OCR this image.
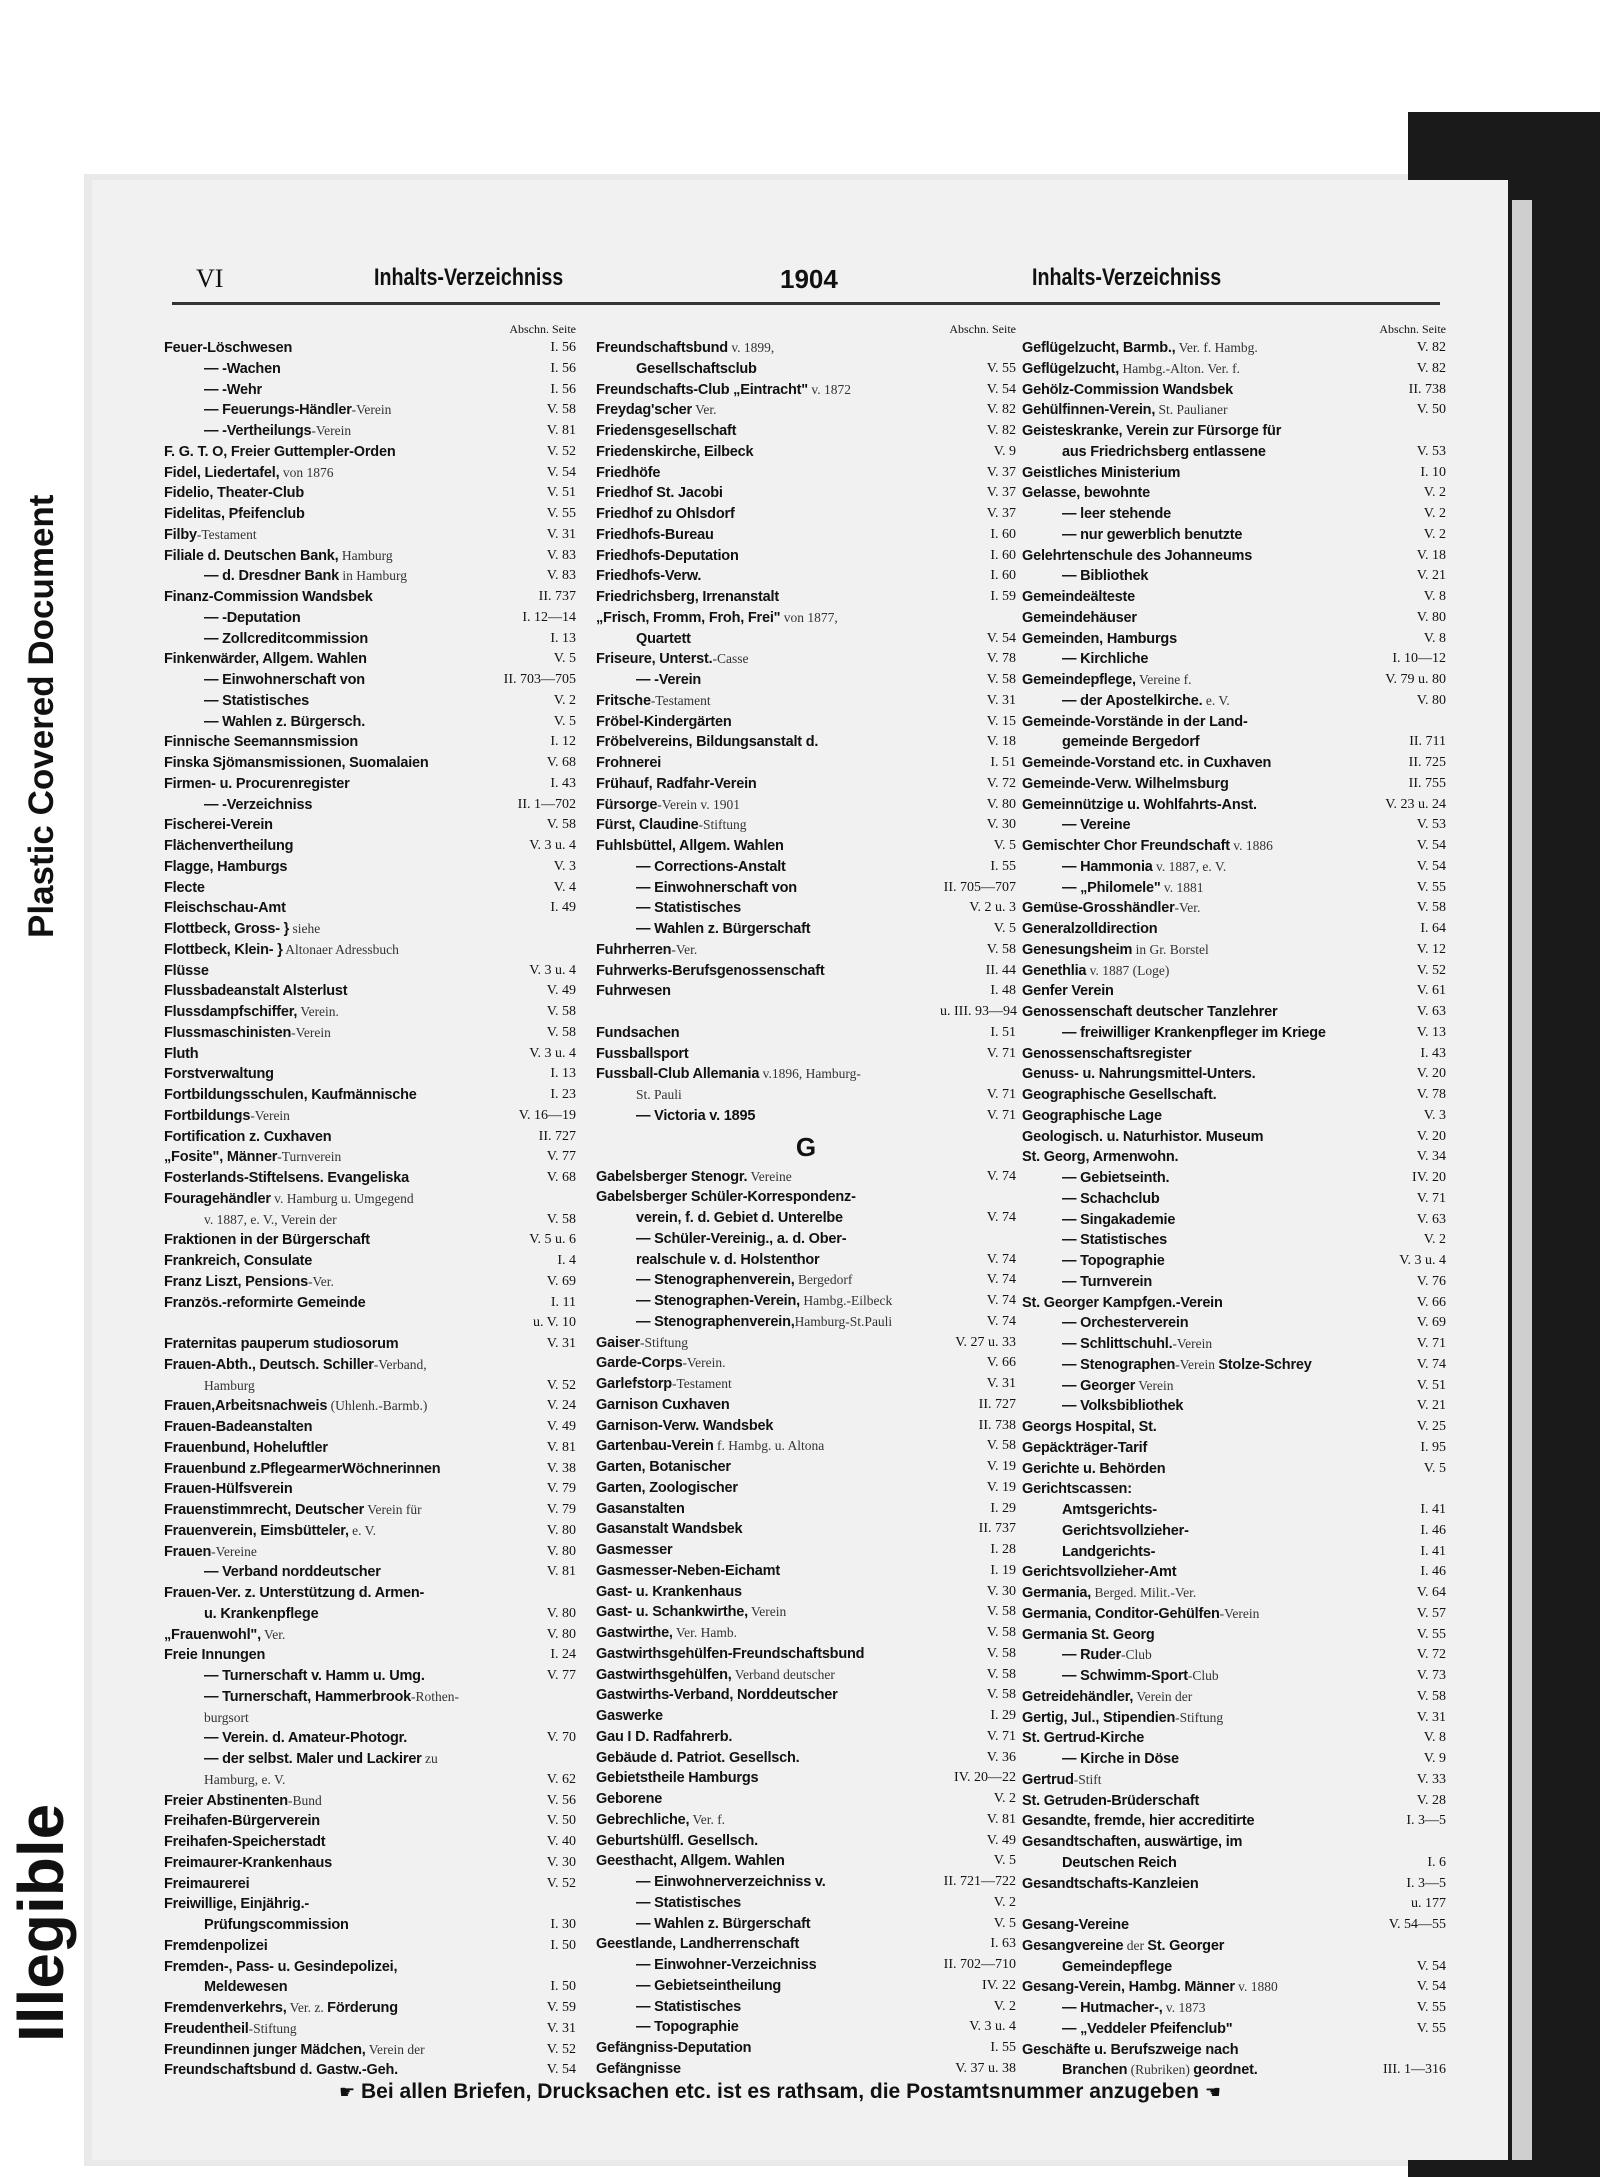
Plastic Covered Document
Illegible
VI	Inhalts-Verzeichniss	1904	Inhalts-Verzeichniss
Abschn. Seite
Feuer-Löschwesen	I. 56
— -Wachen	I. 56
— -Wehr	I. 56
— Feuerungs-Händler-Verein	V. 58
— -Vertheilungs-Verein	V. 81
F. G. T. O, Freier Guttempler-Orden	V. 52
Fidel, Liedertafel, von 1876	V. 54
Fidelio, Theater-Club	V. 51
Fidelitas, Pfeifenclub	V. 55
Filby-Testament	V. 31
Filiale d. Deutschen Bank, Hamburg	V. 83
— d. Dresdner Bank in Hamburg	V. 83
Finanz-Commission Wandsbek	II. 737
— -Deputation	I. 12—14
— Zollcreditcommission	I. 13
Finkenwärder, Allgem. Wahlen	V. 5
— Einwohnerschaft von	II. 703—705
— Statistisches	V. 2
— Wahlen z. Bürgersch.	V. 5
Finnische Seemannsmission	I. 12
Finska Sjömansmissionen, Suomalaien	V. 68
Firmen- u. Procurenregister	I. 43
— -Verzeichniss	II. 1—702
Fischerei-Verein	V. 58
Flächenvertheilung	V. 3 u. 4
Flagge, Hamburgs	V. 3
Flecte	V. 4
Fleischschau-Amt	I. 49
Flottbeck, Gross- } siehe
Flottbeck, Klein- } Altonaer Adressbuch
Flüsse	V. 3 u. 4
Flussbadeanstalt Alsterlust	V. 49
Flussdampfschiffer, Verein.	V. 58
Flussmaschinisten-Verein	V. 58
Fluth	V. 3 u. 4
Forstverwaltung	I. 13
Fortbildungsschulen, Kaufmännische	I. 23
Fortbildungs-Verein	V. 16—19
Fortification z. Cuxhaven	II. 727
„Fosite", Männer-Turnverein	V. 77
Fosterlands-Stiftelsens. Evangeliska	V. 68
Fouragehändler v. Hamburg u. Umgegend
v. 1887, e. V., Verein der	V. 58
Fraktionen in der Bürgerschaft	V. 5 u. 6
Frankreich, Consulate	I. 4
Franz Liszt, Pensions-Ver.	V. 69
Französ.-reformirte Gemeinde	I. 11
u. V. 10
Fraternitas pauperum studiosorum	V. 31
Frauen-Abth., Deutsch. Schiller-Verband,
Hamburg	V. 52
Frauen,Arbeitsnachweis (Uhlenh.-Barmb.)	V. 24
Frauen-Badeanstalten	V. 49
Frauenbund, Hoheluftler	V. 81
Frauenbund z.PflegearmerWöchnerinnen	V. 38
Frauen-Hülfsverein	V. 79
Frauenstimmrecht, Deutscher Verein für	V. 79
Frauenverein, Eimsbütteler, e. V.	V. 80
Frauen-Vereine	V. 80
— Verband norddeutscher	V. 81
Frauen-Ver. z. Unterstützung d. Armen-
u. Krankenpflege	V. 80
„Frauenwohl", Ver.	V. 80
Freie Innungen	I. 24
— Turnerschaft v. Hamm u. Umg.	V. 77
— Turnerschaft, Hammerbrook-Rothen-
burgsort
— Verein. d. Amateur-Photogr.	V. 70
— der selbst. Maler und Lackirer zu
Hamburg, e. V.	V. 62
Freier Abstinenten-Bund	V. 56
Freihafen-Bürgerverein	V. 50
Freihafen-Speicherstadt	V. 40
Freimaurer-Krankenhaus	V. 30
Freimaurerei	V. 52
Freiwillige, Einjährig.-
Prüfungscommission	I. 30
Fremdenpolizei	I. 50
Fremden-, Pass- u. Gesindepolizei,
Meldewesen	I. 50
Fremdenverkehrs, Ver. z. Förderung	V. 59
Freudentheil-Stiftung	V. 31
Freundinnen junger Mädchen, Verein der	V. 52
Freundschaftsbund d. Gastw.-Geh.	V. 54
Abschn. Seite
Freundschaftsbund v. 1899,
Gesellschaftsclub	V. 55
Freundschafts-Club „Eintracht" v. 1872	V. 54
Freydag'scher Ver.	V. 82
Friedensgesellschaft	V. 82
Friedenskirche, Eilbeck	V. 9
Friedhöfe	V. 37
Friedhof St. Jacobi	V. 37
Friedhof zu Ohlsdorf	V. 37
Friedhofs-Bureau	I. 60
Friedhofs-Deputation	I. 60
Friedhofs-Verw.	I. 60
Friedrichsberg, Irrenanstalt	I. 59
„Frisch, Fromm, Froh, Frei" von 1877,
Quartett	V. 54
Friseure, Unterst.-Casse	V. 78
— -Verein	V. 58
Fritsche-Testament	V. 31
Fröbel-Kindergärten	V. 15
Fröbelvereins, Bildungsanstalt d.	V. 18
Frohnerei	I. 51
Frühauf, Radfahr-Verein	V. 72
Fürsorge-Verein v. 1901	V. 80
Fürst, Claudine-Stiftung	V. 30
Fuhlsbüttel, Allgem. Wahlen	V. 5
— Corrections-Anstalt	I. 55
— Einwohnerschaft von	II. 705—707
— Statistisches	V. 2 u. 3
— Wahlen z. Bürgerschaft	V. 5
Fuhrherren-Ver.	V. 58
Fuhrwerks-Berufsgenossenschaft	II. 44
Fuhrwesen	I. 48
u. III. 93—94
Fundsachen	I. 51
Fussballsport	V. 71
Fussball-Club Allemania v.1896, Hamburg-
St. Pauli	V. 71
— Victoria v. 1895	V. 71
G
Gabelsberger Stenogr. Vereine	V. 74
Gabelsberger Schüler-Korrespondenz-
verein, f. d. Gebiet d. Unterelbe	V. 74
— Schüler-Vereinig., a. d. Ober-
realschule v. d. Holstenthor	V. 74
— Stenographenverein, Bergedorf	V. 74
— Stenographen-Verein, Hambg.-Eilbeck	V. 74
— Stenographenverein,Hamburg-St.Pauli	V. 74
Gaiser-Stiftung	V. 27 u. 33
Garde-Corps-Verein.	V. 66
Garlefstorp-Testament	V. 31
Garnison Cuxhaven	II. 727
Garnison-Verw. Wandsbek	II. 738
Gartenbau-Verein f. Hambg. u. Altona	V. 58
Garten, Botanischer	V. 19
Garten, Zoologischer	V. 19
Gasanstalten	I. 29
Gasanstalt Wandsbek	II. 737
Gasmesser	I. 28
Gasmesser-Neben-Eichamt	I. 19
Gast- u. Krankenhaus	V. 30
Gast- u. Schankwirthe, Verein	V. 58
Gastwirthe, Ver. Hamb.	V. 58
Gastwirthsgehülfen-Freundschaftsbund	V. 58
Gastwirthsgehülfen, Verband deutscher	V. 58
Gastwirths-Verband, Norddeutscher	V. 58
Gaswerke	I. 29
Gau I D. Radfahrerb.	V. 71
Gebäude d. Patriot. Gesellsch.	V. 36
Gebietstheile Hamburgs	IV. 20—22
Geborene	V. 2
Gebrechliche, Ver. f.	V. 81
Geburtshülfl. Gesellsch.	V. 49
Geesthacht, Allgem. Wahlen	V. 5
— Einwohnerverzeichniss v.	II. 721—722
— Statistisches	V. 2
— Wahlen z. Bürgerschaft	V. 5
Geestlande, Landherrenschaft	I. 63
— Einwohner-Verzeichniss	II. 702—710
— Gebietseintheilung	IV. 22
— Statistisches	V. 2
— Topographie	V. 3 u. 4
Gefängniss-Deputation	I. 55
Gefängnisse	V. 37 u. 38
Abschn. Seite
Geflügelzucht, Barmb., Ver. f. Hambg.	V. 82
Geflügelzucht, Hambg.-Alton. Ver. f.	V. 82
Gehölz-Commission Wandsbek	II. 738
Gehülfinnen-Verein, St. Paulianer	V. 50
Geisteskranke, Verein zur Fürsorge für
aus Friedrichsberg entlassene	V. 53
Geistliches Ministerium	I. 10
Gelasse, bewohnte	V. 2
— leer stehende	V. 2
— nur gewerblich benutzte	V. 2
Gelehrtenschule des Johanneums	V. 18
— Bibliothek	V. 21
Gemeindeälteste	V. 8
Gemeindehäuser	V. 80
Gemeinden, Hamburgs	V. 8
— Kirchliche	I. 10—12
Gemeindepflege, Vereine f.	V. 79 u. 80
— der Apostelkirche. e. V.	V. 80
Gemeinde-Vorstände in der Land-
gemeinde Bergedorf	II. 711
Gemeinde-Vorstand etc. in Cuxhaven	II. 725
Gemeinde-Verw. Wilhelmsburg	II. 755
Gemeinnützige u. Wohlfahrts-Anst.	V. 23 u. 24
— Vereine	V. 53
Gemischter Chor Freundschaft v. 1886	V. 54
— Hammonia v. 1887, e. V.	V. 54
— „Philomele" v. 1881	V. 55
Gemüse-Grosshändler-Ver.	V. 58
Generalzolldirection	I. 64
Genesungsheim in Gr. Borstel	V. 12
Genethlia v. 1887 (Loge)	V. 52
Genfer Verein	V. 61
Genossenschaft deutscher Tanzlehrer	V. 63
— freiwilliger Krankenpfleger im Kriege	V. 13
Genossenschaftsregister	I. 43
Genuss- u. Nahrungsmittel-Unters.	V. 20
Geographische Gesellschaft.	V. 78
Geographische Lage	V. 3
Geologisch. u. Naturhistor. Museum	V. 20
St. Georg, Armenwohn.	V. 34
— Gebietseinth.	IV. 20
— Schachclub	V. 71
— Singakademie	V. 63
— Statistisches	V. 2
— Topographie	V. 3 u. 4
— Turnverein	V. 76
St. Georger Kampfgen.-Verein	V. 66
— Orchesterverein	V. 69
— Schlittschuhl.-Verein	V. 71
— Stenographen-Verein Stolze-Schrey	V. 74
— Georger Verein	V. 51
— Volksbibliothek	V. 21
Georgs Hospital, St.	V. 25
Gepäckträger-Tarif	I. 95
Gerichte u. Behörden	V. 5
Gerichtscassen:
Amtsgerichts-	I. 41
Gerichtsvollzieher-	I. 46
Landgerichts-	I. 41
Gerichtsvollzieher-Amt	I. 46
Germania, Berged. Milit.-Ver.	V. 64
Germania, Conditor-Gehülfen-Verein	V. 57
Germania St. Georg	V. 55
— Ruder-Club	V. 72
— Schwimm-Sport-Club	V. 73
Getreidehändler, Verein der	V. 58
Gertig, Jul., Stipendien-Stiftung	V. 31
St. Gertrud-Kirche	V. 8
— Kirche in Döse	V. 9
Gertrud-Stift	V. 33
St. Getruden-Brüderschaft	V. 28
Gesandte, fremde, hier accreditirte	I. 3—5
Gesandtschaften, auswärtige, im
Deutschen Reich	I. 6
Gesandtschafts-Kanzleien	I. 3—5
u. 177
Gesang-Vereine	V. 54—55
Gesangvereine der St. Georger
Gemeindepflege	V. 54
Gesang-Verein, Hambg. Männer v. 1880	V. 54
— Hutmacher-, v. 1873	V. 55
— „Veddeler Pfeifenclub"	V. 55
Geschäfte u. Berufszweige nach
Branchen (Rubriken) geordnet.	III. 1—316
☛ Bei allen Briefen, Drucksachen etc. ist es rathsam, die Postamtsnummer anzugeben ☚
